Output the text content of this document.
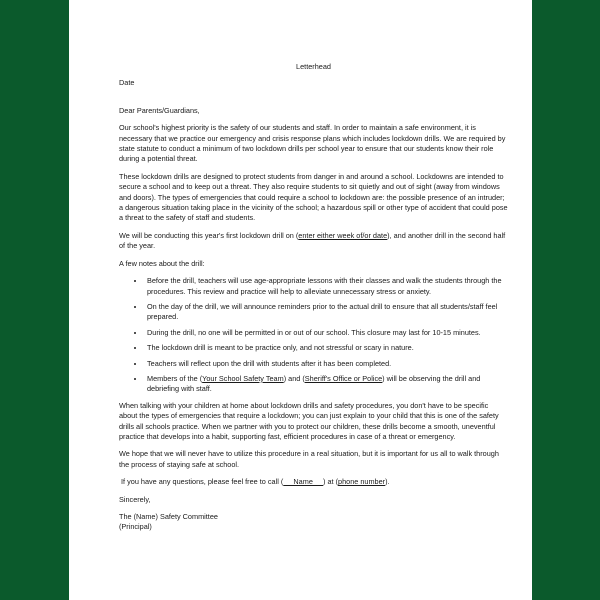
Letterhead
Date

Dear Parents/Guardians,

Our school's highest priority is the safety of our students and staff. In order to maintain a safe environment, it is necessary that we practice our emergency and crisis response plans which includes lockdown drills. We are required by state statute to conduct a minimum of two lockdown drills per school year to ensure that our students know their role during a potential threat.

These lockdown drills are designed to protect students from danger in and around a school. Lockdowns are intended to secure a school and to keep out a threat. They also require students to sit quietly and out of sight (away from windows and doors). The types of emergencies that could require a school to lockdown are: the possible presence of an intruder; a dangerous situation taking place in the vicinity of the school; a hazardous spill or other type of accident that could pose a threat to the safety of staff and students.

We will be conducting this year's first lockdown drill on (enter either week of/or date), and another drill in the second half of the year.

A few notes about the drill:

• Before the drill, teachers will use age-appropriate lessons with their classes and walk the students through the procedures. This review and practice will help to alleviate unnecessary stress or anxiety.
• On the day of the drill, we will announce reminders prior to the actual drill to ensure that all students/staff feel prepared.
• During the drill, no one will be permitted in or out of our school. This closure may last for 10-15 minutes.
• The lockdown drill is meant to be practice only, and not stressful or scary in nature.
• Teachers will reflect upon the drill with students after it has been completed.
• Members of the (Your School Safety Team) and (Sheriff's Office or Police) will be observing the drill and debriefing with staff.

When talking with your children at home about lockdown drills and safety procedures, you don't have to be specific about the types of emergencies that require a lockdown; you can just explain to your child that this is one of the safety drills all schools practice. When we partner with you to protect our children, these drills become a smooth, uneventful practice that develops into a habit, supporting fast, efficient procedures in case of a threat or emergency.

We hope that we will never have to utilize this procedure in a real situation, but it is important for us all to walk through the process of staying safe at school.

If you have any questions, please feel free to call (     Name     ) at (phone number).

Sincerely,

The (Name) Safety Committee

(Principal)
